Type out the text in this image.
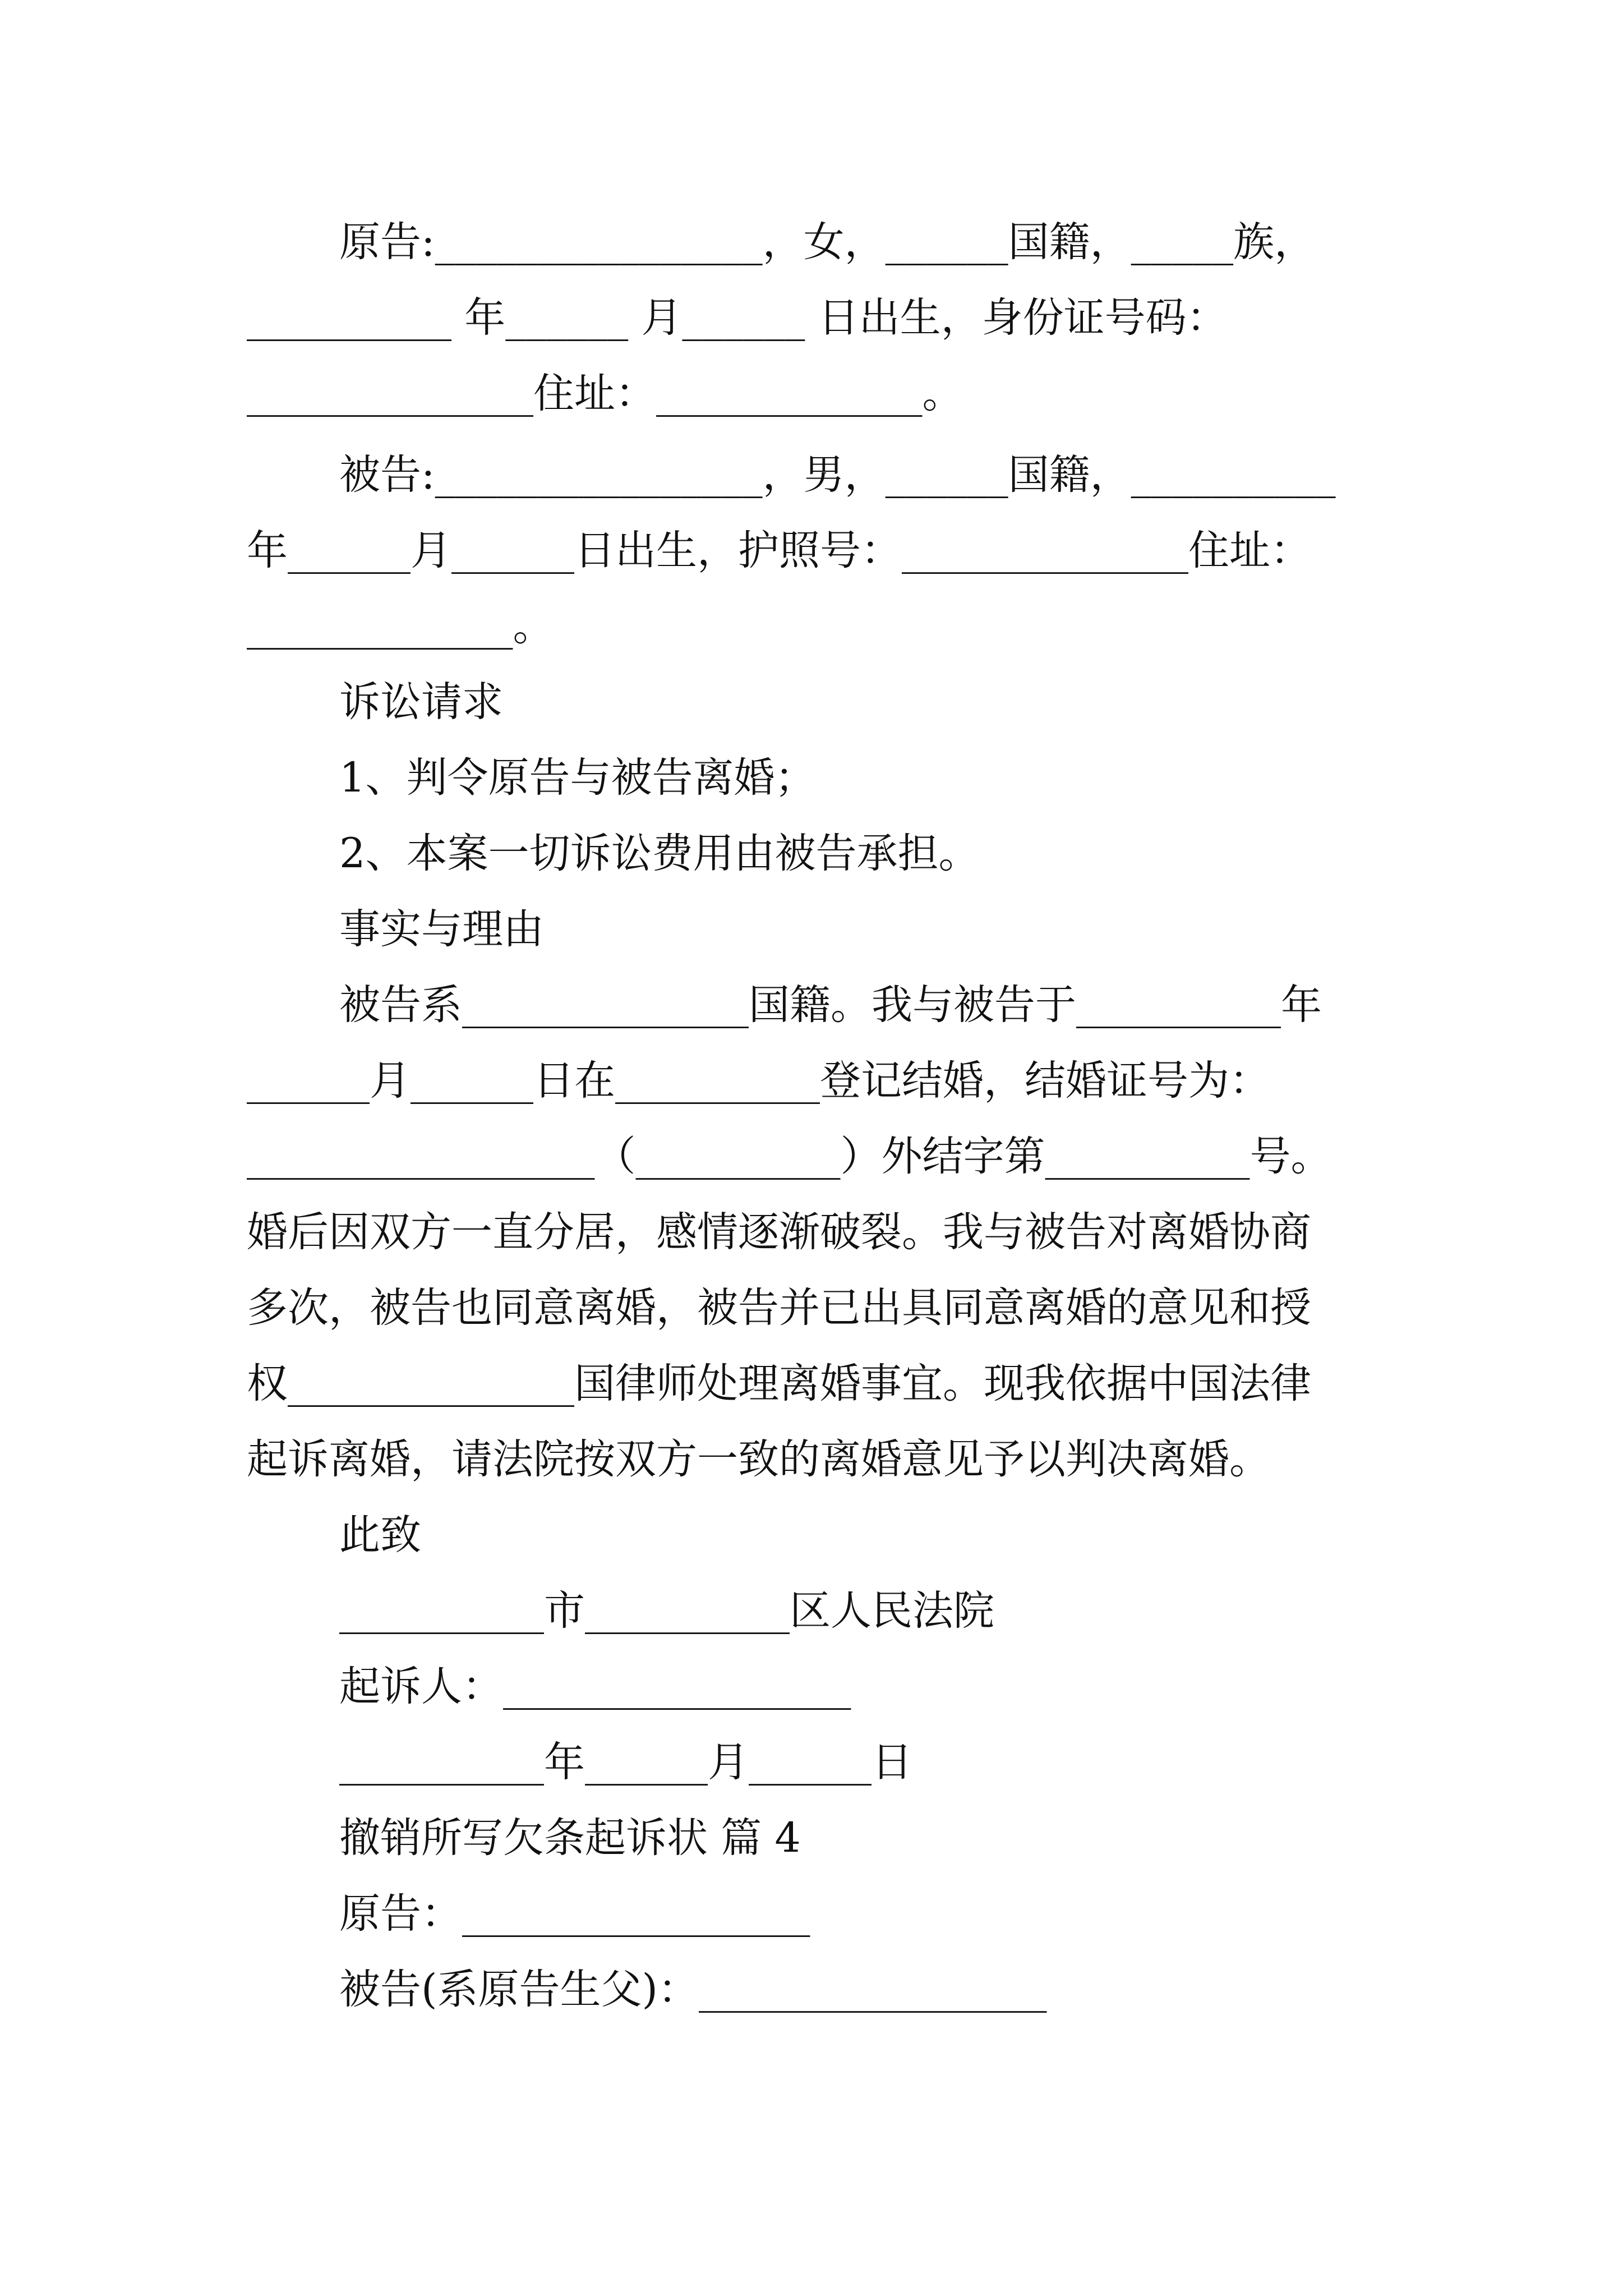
原告:________________，女，______国籍，_____族，
__________ 年______ 月______ 日出生，身份证号码：
______________住址：_____________。
被告:________________，男，______国籍，__________
年______月______日出生，护照号：______________住址：
_____________。
诉讼请求
1、判令原告与被告离婚；
2、本案一切诉讼费用由被告承担。
事实与理由
被告系______________国籍。我与被告于__________年
______月______日在__________登记结婚，结婚证号为：
_________________（__________）外结字第__________号。
婚后因双方一直分居，感情逐渐破裂。我与被告对离婚协商
多次，被告也同意离婚，被告并已出具同意离婚的意见和授
权______________国律师处理离婚事宜。现我依据中国法律
起诉离婚，请法院按双方一致的离婚意见予以判决离婚。
此致
__________市__________区人民法院
起诉人：_________________
__________年______月______日
撤销所写欠条起诉状 篇 4
原告：_________________
被告(系原告生父)：_________________
